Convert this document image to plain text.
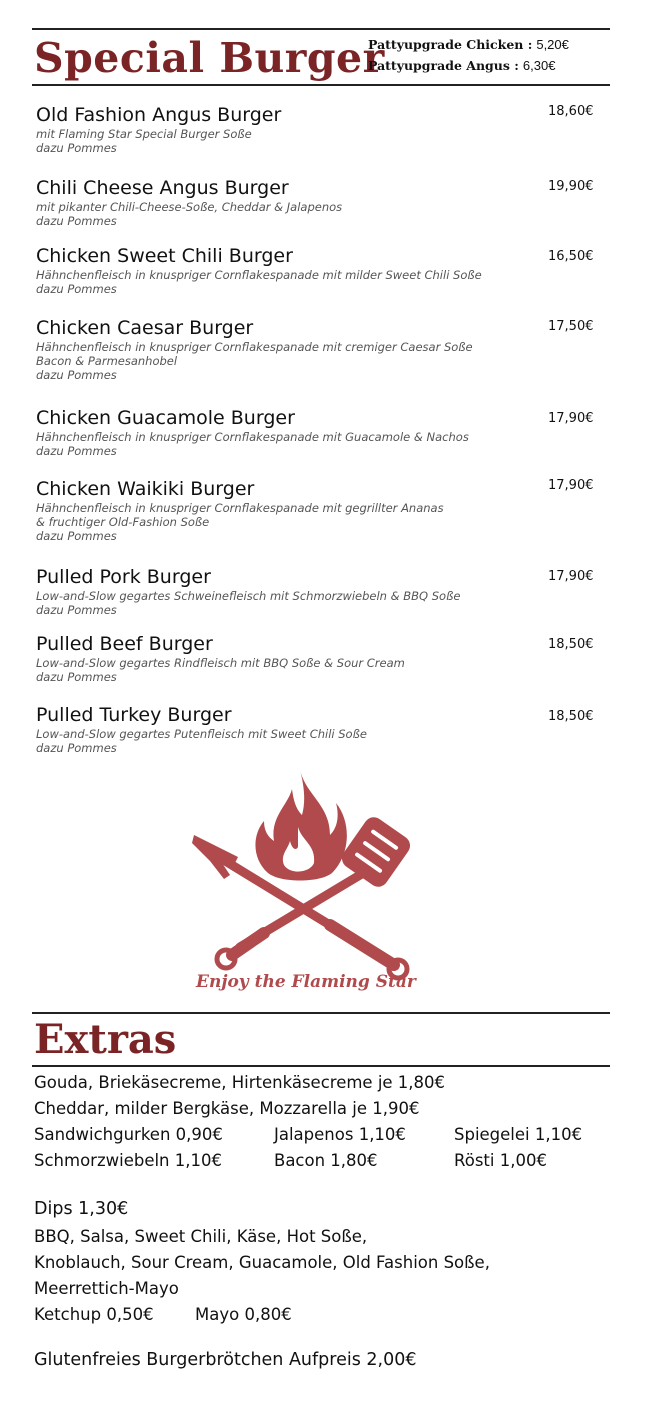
Special Burger
Pattyupgrade Chicken : 5,20€
Pattyupgrade Angus : 6,30€
Old Fashion Angus Burger
mit Flaming Star Special Burger Soße
dazu Pommes
18,60€
Chili Cheese Angus Burger
mit pikanter Chili-Cheese-Soße, Cheddar & Jalapenos
dazu Pommes
19,90€
Chicken Sweet Chili Burger
Hähnchenfleisch in knuspriger Cornflakespanade mit milder Sweet Chili Soße
dazu Pommes
16,50€
Chicken Caesar Burger
Hähnchenfleisch in knuspriger Cornflakespanade mit cremiger Caesar Soße
Bacon & Parmesanhobel
dazu Pommes
17,50€
Chicken Guacamole Burger
Hähnchenfleisch in knuspriger Cornflakespanade mit Guacamole & Nachos
dazu Pommes
17,90€
Chicken Waikiki Burger
Hähnchenfleisch in knuspriger Cornflakespanade mit gegrillter Ananas
& fruchtiger Old-Fashion Soße
dazu Pommes
17,90€
Pulled Pork Burger
Low-and-Slow gegartes Schweinefleisch mit Schmorzwiebeln & BBQ Soße
dazu Pommes
17,90€
Pulled Beef Burger
Low-and-Slow gegartes Rindfleisch mit BBQ Soße & Sour Cream
dazu Pommes
18,50€
Pulled Turkey Burger
Low-and-Slow gegartes Putenfleisch mit Sweet Chili Soße
dazu Pommes
18,50€
Enjoy the Flaming Star
Extras
Gouda, Briekäsecreme, Hirtenkäsecreme je 1,80€
Cheddar, milder Bergkäse, Mozzarella je 1,90€
Sandwichgurken 0,90€	Jalapenos 1,10€	Spiegelei 1,10€
Schmorzwiebeln 1,10€	Bacon 1,80€	Rösti 1,00€
Dips 1,30€
BBQ, Salsa, Sweet Chili, Käse, Hot Soße,
Knoblauch, Sour Cream, Guacamole, Old Fashion Soße,
Meerrettich-Mayo
Ketchup 0,50€	Mayo 0,80€
Glutenfreies Burgerbrötchen Aufpreis 2,00€
